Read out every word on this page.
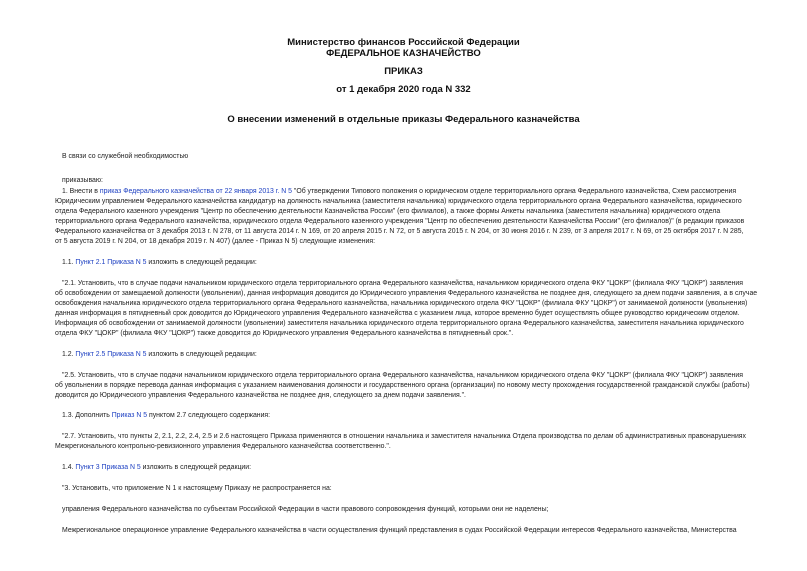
Министерство финансов Российской Федерации
ФЕДЕРАЛЬНОЕ КАЗНАЧЕЙСТВО
ПРИКАЗ
от 1 декабря 2020 года N 332
О внесении изменений в отдельные приказы Федерального казначейства
В связи со служебной необходимостью
приказываю:
1. Внести в приказ Федерального казначейства от 22 января 2013 г. N 5 "Об утверждении Типового положения о юридическом отделе территориального органа Федерального казначейства, Схем рассмотрения
Юридическим управлением Федерального казначейства кандидатур на должность начальника (заместителя начальника) юридического отдела территориального органа Федерального казначейства, юридического
отдела Федерального казенного учреждения "Центр по обеспечению деятельности Казначейства России" (его филиалов), а также формы Анкеты начальника (заместителя начальника) юридического отдела
территориального органа Федерального казначейства, юридического отдела Федерального казенного учреждения "Центр по обеспечению деятельности Казначейства России" (его филиалов)" (в редакции приказов
Федерального казначейства от 3 декабря 2013 г. N 278, от 11 августа 2014 г. N 169, от 20 апреля 2015 г. N 72, от 5 августа 2015 г. N 204, от 30 июня 2016 г. N 239, от 3 апреля 2017 г. N 69, от 25 октября 2017 г. N 285,
от 5 августа 2019 г. N 204, от 18 декабря 2019 г. N 407) (далее - Приказ N 5) следующие изменения:
1.1. Пункт 2.1 Приказа N 5 изложить в следующей редакции:
"2.1. Установить, что в случае подачи начальником юридического отдела территориального органа Федерального казначейства, начальником юридического отдела ФКУ "ЦОКР" (филиала ФКУ "ЦОКР") заявления
об освобождении от замещаемой должности (увольнении), данная информация доводится до Юридического управления Федерального казначейства не позднее дня, следующего за днем подачи заявления, а в случае
освобождения начальника юридического отдела территориального органа Федерального казначейства, начальника юридического отдела ФКУ "ЦОКР" (филиала ФКУ "ЦОКР") от занимаемой должности (увольнения)
данная информация в пятидневный срок доводится до Юридического управления Федерального казначейства с указанием лица, которое временно будет осуществлять общее руководство юридическим отделом.
Информация об освобождении от занимаемой должности (увольнении) заместителя начальника юридического отдела территориального органа Федерального казначейства, заместителя начальника юридического
отдела ФКУ "ЦОКР" (филиала ФКУ "ЦОКР") также доводится до Юридического управления Федерального казначейства в пятидневный срок.".
1.2. Пункт 2.5 Приказа N 5 изложить в следующей редакции:
"2.5. Установить, что в случае подачи начальником юридического отдела территориального органа Федерального казначейства, начальником юридического отдела ФКУ "ЦОКР" (филиала ФКУ "ЦОКР") заявления
об увольнении в порядке перевода данная информация с указанием наименования должности и государственного органа (организации) по новому месту прохождения государственной гражданской службы (работы)
доводится до Юридического управления Федерального казначейства не позднее дня, следующего за днем подачи заявления.".
1.3. Дополнить Приказ N 5 пунктом 2.7 следующего содержания:
"2.7. Установить, что пункты 2, 2.1, 2.2, 2.4, 2.5 и 2.6 настоящего Приказа применяются в отношении начальника и заместителя начальника Отдела производства по делам об административных правонарушениях
Межрегионального контрольно-ревизионного управления Федерального казначейства соответственно.".
1.4. Пункт 3 Приказа N 5 изложить в следующей редакции:
"3. Установить, что приложение N 1 к настоящему Приказу не распространяется на:
управления Федерального казначейства по субъектам Российской Федерации в части правового сопровождения функций, которыми они не наделены;
Межрегиональное операционное управление Федерального казначейства в части осуществления функций представления в судах Российской Федерации интересов Федерального казначейства, Министерства
